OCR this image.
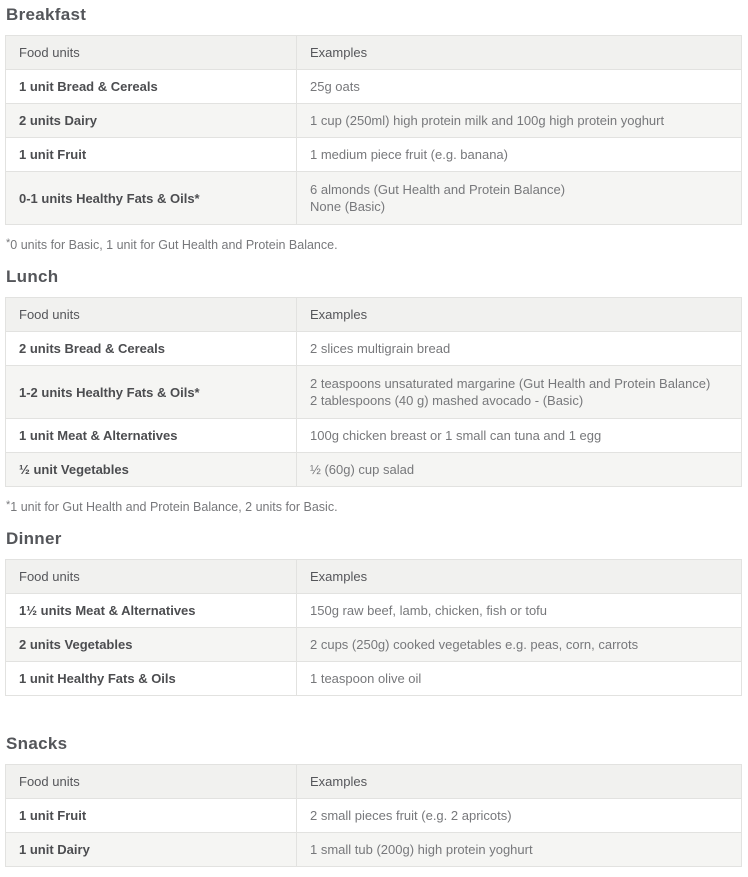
Breakfast
Food units	Examples
1 unit Bread & Cereals	25g oats

2 units Dairy	1 cup (250ml) high protein milk and 100g high protein yoghurt

1 unit Fruit	1 medium piece fruit (e.g. banana)

0-1 units Healthy Fats & Oils*	6 almonds (Gut Health and Protein Balance)
None (Basic)

*0 units for Basic, 1 unit for Gut Health and Protein Balance.

Lunch
Food units	Examples
2 units Bread & Cereals	2 slices multigrain bread

1-2 units Healthy Fats & Oils*	2 teaspoons unsaturated margarine (Gut Health and Protein Balance)
2 tablespoons (40 g) mashed avocado - (Basic)

1 unit Meat & Alternatives	100g chicken breast or 1 small can tuna and 1 egg

½ unit Vegetables	½ (60g) cup salad

*1 unit for Gut Health and Protein Balance, 2 units for Basic.

Dinner
Food units	Examples
1½ units Meat & Alternatives	150g raw beef, lamb, chicken, fish or tofu

2 units Vegetables	2 cups (250g) cooked vegetables e.g. peas, corn, carrots

1 unit Healthy Fats & Oils	1 teaspoon olive oil
Snacks
Food units	Examples
1 unit Fruit	2 small pieces fruit (e.g. 2 apricots)

1 unit Dairy	1 small tub (200g) high protein yoghurt
